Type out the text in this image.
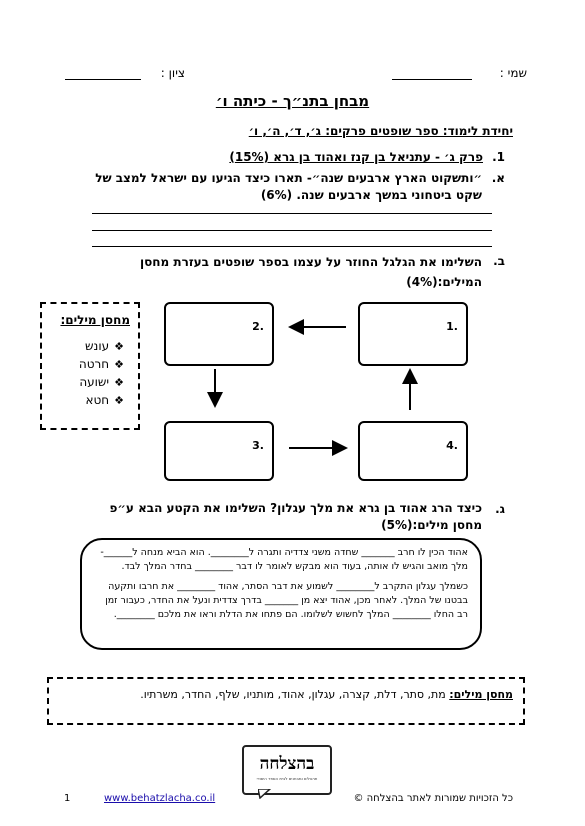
שמי :
ציון :
מבחן בתנ״ך - כיתה ו׳
יחידת לימוד: ספר שופטים פרקים: ג׳, ד׳, ה׳, ו׳
1.
פרק ג׳ - עתניאל בן קנז ואהוד בן גרא (15%)
א.
״ותשקוט הארץ ארבעים שנה״- תארו כיצד הגיעו עם ישראל למצב של שקט ביטחוני במשך ארבעים שנה. (6%)
ב.
השלימו את הגלגל החוזר על עצמו בספר שופטים בעזרת מחסן המילים:(4%)
1.
2.
3.	4.
מחסן מילים:
❖
עונש
❖
חרטה
❖
ישועה
❖
חטא
ג.
כיצד הרג אהוד בן גרא את מלך עגלון? השלימו את הקטע הבא ע״פ מחסן מילים:(5%)

אהוד הכין לו חרב _______ שחדה משני צדדיה ותגרה ל________. הוא הביא מנחה ל______- מלך מואב והגיש לו אותה, בעוד הוא מבקש לאומר לו דבר ________ בחדר המלך לבד.

כשמלך עגלון התקרב ל________ לשמוע את דבר הסתר, אהוד ________ את חרבו ותקעה בבטנו של המלך. לאחר מכן, אהוד יצא מן _______ בדרך צדדית ונעל את החדר, כעבור זמן רב החלו ________ המלך לחשוש לשלומו. הם פתחו את הדלת וראו את מלכם ________.

מחסן מילים: מת, סתר, דלת, קצרה, עגלון, אהוד, מותניו, שלף, החדר, משרתיו.
בהצלחה
תרגולים ומבחנים לבית הספר היסודי
1	www.behatzlacha.co.il	כל הזכויות שמורות לאתר בהצלחה ©
